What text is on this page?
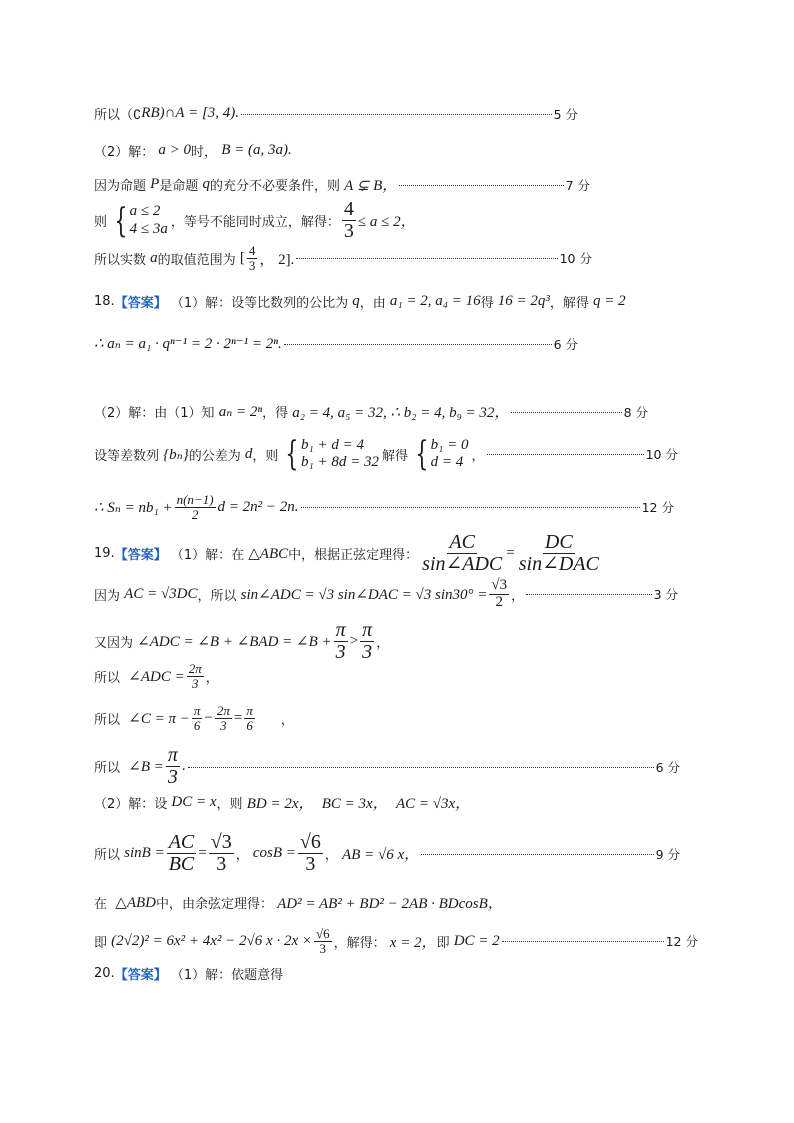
所以（∁ RB)∩A = [3, 4).	5 分
（2）解：
a > 0 时，
B = (a, 3a).
因为命题
P 是命题
q 的充分不必要条件，则
A ⊊ B，	7 分
则 { a ≤ 2
4 ≤ 3a ，等号不能同时成立，解得： $\frac{4}{3} \le a \le 2$，
所以实数
a 的取值范围为
[ $\frac{4}{3}$ ， 2].	10 分
18. 【答案】
（1）解：设等比数列的公比为
q ，由
a₁ = 2, a₄ = 16 得
16 = 2q³ ，解得
q = 2
∴ aₙ = a₁ · qⁿ⁻¹ = 2 · 2ⁿ⁻¹ = 2ⁿ.	6 分
（2）解：由（1）知
aₙ = 2ⁿ ，得
a₂ = 4, a₅ = 32, ∴ b₂ = 4, b₉ = 32，	8 分
设等差数列
{bₙ} 的公差为
d ，则 { b₁ + d = 4
b₁ + 8d = 32 解得 { b₁ = 0
d = 4 ，	10 分
∴ $S_n = nb_1 + \frac{n(n-1)}{2}$ d = 2n² − 2n.	12 分
19. 【答案】
（1）解：在
△ABC 中，根据正弦定理得： $\frac{AC}{\text{sin∠ADC}} = \frac{DC}{\text{sin∠DAC}}$
因为
AC = √3DC ，所以
sin∠ADC = √3 sin∠DAC = √3 $\sin 30^\circ = \frac{√3}{2}$ ，	3 分
又因为
∠ADC = ∠B + ∠BAD = ∠B + $\frac{\pi}{3} > \frac{\pi}{3}$ ，
所以
∠ADC = $\frac{2\pi}{3}$ ，
所以
∠C = $\pi - \frac{\pi}{6} - \frac{2\pi}{3} = \frac{\pi}{6}$ ，
所以
∠B = $\frac{\pi}{3}$ .	6 分
（2）解：设
DC = x ，则
BD = 2x，
BC = 3x，
AC = √3x，
所以
$\sin B = \frac{AC}{BC} = \frac{√3}{3}$ ，
$\cos B = \frac{√6}{3}$ ，
AB = √6 x，	9 分
在
△ABD 中，由余弦定理得：
AD² = AB² + BD² − 2AB · BDcosB，
即
(2√2)² = 6x² + 4x² − 2√6 $x \cdot 2x \times \frac{√6}{3}$ ，解得：
x = 2， 即
DC = 2	12 分
20. 【答案】
（1）解：依题意得
